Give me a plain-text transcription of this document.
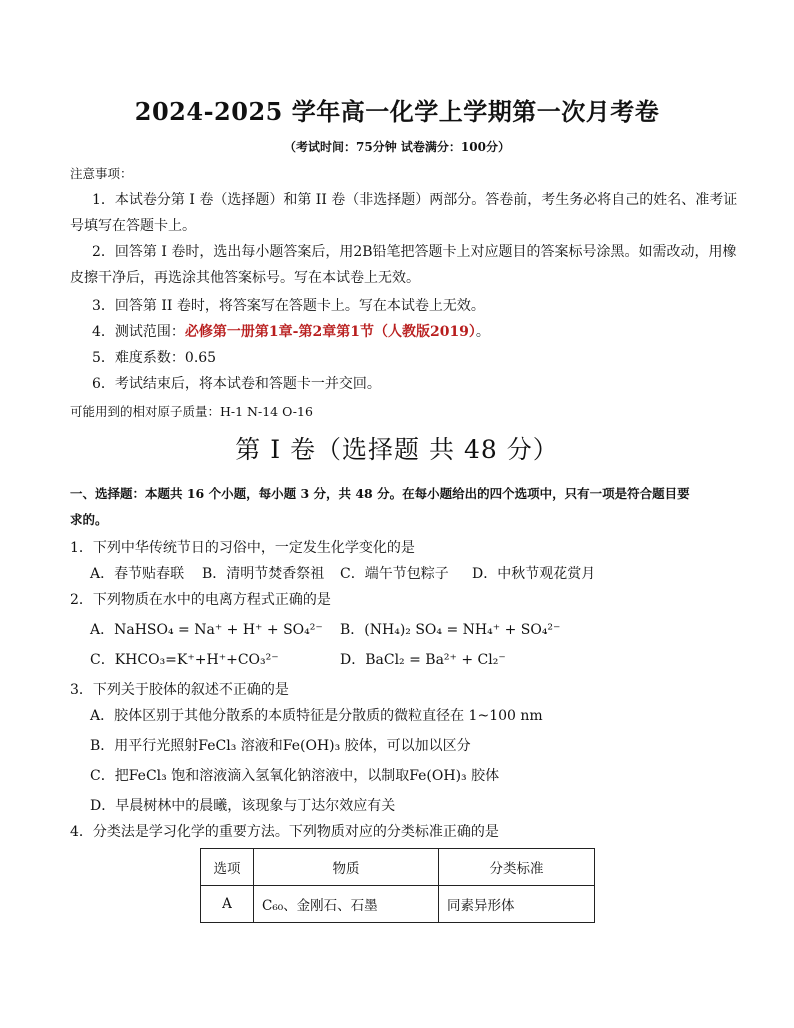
2024-2025 学年高一化学上学期第一次月考卷
（考试时间：75分钟 试卷满分：100分）
注意事项：
1．本试卷分第 I 卷（选择题）和第 II 卷（非选择题）两部分。答卷前，考生务必将自己的姓名、准考证
号填写在答题卡上。
2．回答第 I 卷时，选出每小题答案后，用2B铅笔把答题卡上对应题目的答案标号涂黑。如需改动，用橡
皮擦干净后，再选涂其他答案标号。写在本试卷上无效。
3．回答第 II 卷时，将答案写在答题卡上。写在本试卷上无效。
4．测试范围：必修第一册第1章-第2章第1节（人教版2019）。
5．难度系数：0.65
6．考试结束后，将本试卷和答题卡一并交回。
可能用到的相对原子质量：H-1 N-14 O-16
第 I 卷（选择题 共 48 分）
一、选择题：本题共 16 个小题，每小题 3 分，共 48 分。在每小题给出的四个选项中，只有一项是符合题目要
求的。
1．下列中华传统节日的习俗中，一定发生化学变化的是
A．春节贴春联 B．清明节焚香祭祖 C．端午节包粽子 D．中秋节观花赏月
2．下列物质在水中的电离方程式正确的是
A．NaHSO₄ = Na⁺ + H⁺ + SO₄²⁻ B．(NH₄)₂ SO₄ = NH₄⁺ + SO₄²⁻
C．KHCO₃=K⁺+H⁺+CO₃²⁻	D．BaCl₂ = Ba²⁺ + Cl₂⁻
3．下列关于胶体的叙述不正确的是
A．胶体区别于其他分散系的本质特征是分散质的微粒直径在 1~100 nm
B．用平行光照射FeCl₃ 溶液和Fe(OH)₃ 胶体，可以加以区分
C．把FeCl₃ 饱和溶液滴入氢氧化钠溶液中，以制取Fe(OH)₃ 胶体
D．早晨树林中的晨曦，该现象与丁达尔效应有关
4．分类法是学习化学的重要方法。下列物质对应的分类标准正确的是
选项	物质	分类标准
A	C₆₀、金刚石、石墨	同素异形体
